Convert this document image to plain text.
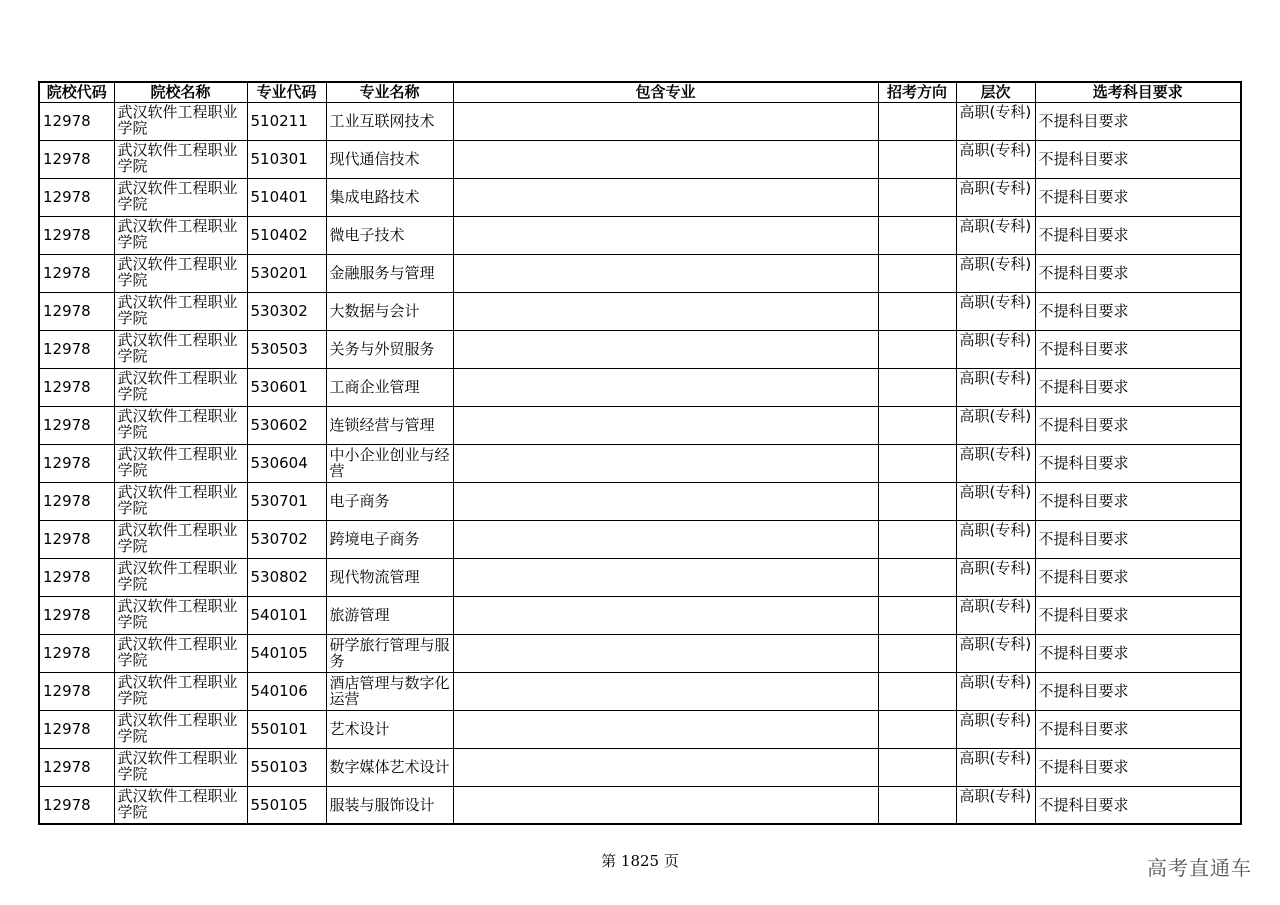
院校代码	院校名称	专业代码	专业名称	包含专业	招考方向	层次	选考科目要求
12978	武汉软件工程职业学院	510211	工业互联网技术			高职(专科)	不提科目要求
12978	武汉软件工程职业学院	510301	现代通信技术			高职(专科)	不提科目要求
12978	武汉软件工程职业学院	510401	集成电路技术			高职(专科)	不提科目要求
12978	武汉软件工程职业学院	510402	微电子技术			高职(专科)	不提科目要求
12978	武汉软件工程职业学院	530201	金融服务与管理			高职(专科)	不提科目要求
12978	武汉软件工程职业学院	530302	大数据与会计			高职(专科)	不提科目要求
12978	武汉软件工程职业学院	530503	关务与外贸服务			高职(专科)	不提科目要求
12978	武汉软件工程职业学院	530601	工商企业管理			高职(专科)	不提科目要求
12978	武汉软件工程职业学院	530602	连锁经营与管理			高职(专科)	不提科目要求
12978	武汉软件工程职业学院	530604	中小企业创业与经营			高职(专科)	不提科目要求
12978	武汉软件工程职业学院	530701	电子商务			高职(专科)	不提科目要求
12978	武汉软件工程职业学院	530702	跨境电子商务			高职(专科)	不提科目要求
12978	武汉软件工程职业学院	530802	现代物流管理			高职(专科)	不提科目要求
12978	武汉软件工程职业学院	540101	旅游管理			高职(专科)	不提科目要求
12978	武汉软件工程职业学院	540105	研学旅行管理与服务			高职(专科)	不提科目要求
12978	武汉软件工程职业学院	540106	酒店管理与数字化运营			高职(专科)	不提科目要求
12978	武汉软件工程职业学院	550101	艺术设计			高职(专科)	不提科目要求
12978	武汉软件工程职业学院	550103	数字媒体艺术设计			高职(专科)	不提科目要求
12978	武汉软件工程职业学院	550105	服装与服饰设计			高职(专科)	不提科目要求
第 1825 页	高考直通车
